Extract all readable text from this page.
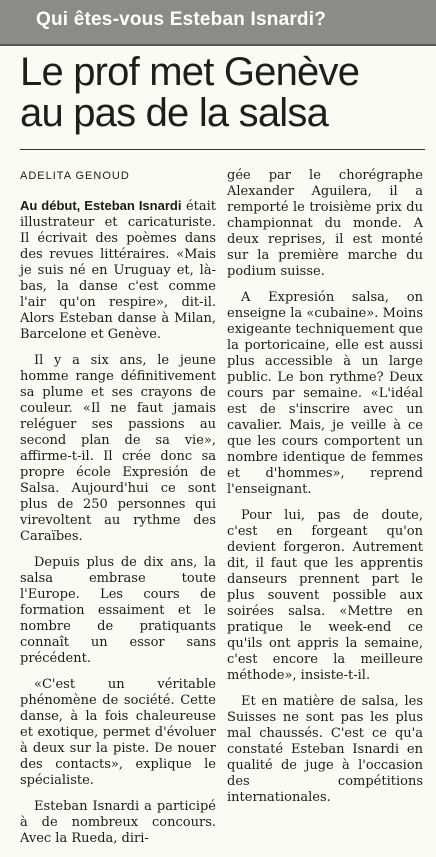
Qui êtes-vous Esteban Isnardi?
Le prof met Genève
au pas de la salsa
ADELITA GENOUD

Au début, Esteban Isnardi était illustrateur et caricaturiste. Il écrivait des poèmes dans des revues littéraires. «Mais je suis né en Uruguay et, là-bas, la danse c'est comme l'air qu'on respire», dit-il. Alors Esteban danse à Milan, Barcelone et Genève.

Il y a six ans, le jeune homme range définitivement sa plume et ses crayons de couleur. «Il ne faut jamais reléguer ses passions au second plan de sa vie», affirme-t-il. Il crée donc sa propre école Expresión de Salsa. Aujourd'hui ce sont plus de 250 personnes qui virevoltent au rythme des Caraïbes.

Depuis plus de dix ans, la salsa embrase toute l'Europe. Les cours de formation essaiment et le nombre de pratiquants connaît un essor sans précédent.

«C'est un véritable phénomène de société. Cette danse, à la fois chaleureuse et exotique, permet d'évoluer à deux sur la piste. De nouer des contacts», explique le spécialiste.

Esteban Isnardi a participé à de nombreux concours. Avec la Rueda, diri-

gée par le chorégraphe Alexander Aguilera, il a remporté le troisième prix du championnat du monde. A deux reprises, il est monté sur la première marche du podium suisse.

A Expresión salsa, on enseigne la «cubaine». Moins exigeante techniquement que la portoricaine, elle est aussi plus accessible à un large public. Le bon rythme? Deux cours par semaine. «L'idéal est de s'inscrire avec un cavalier. Mais, je veille à ce que les cours comportent un nombre identique de femmes et d'hommes», reprend l'enseignant.

Pour lui, pas de doute, c'est en forgeant qu'on devient forgeron. Autrement dit, il faut que les apprentis danseurs prennent part le plus souvent possible aux soirées salsa. «Mettre en pratique le week-end ce qu'ils ont appris la semaine, c'est encore la meilleure méthode», insiste-t-il.

Et en matière de salsa, les Suisses ne sont pas les plus mal chaussés. C'est ce qu'a constaté Esteban Isnardi en qualité de juge à l'occasion des compétitions internationales.
